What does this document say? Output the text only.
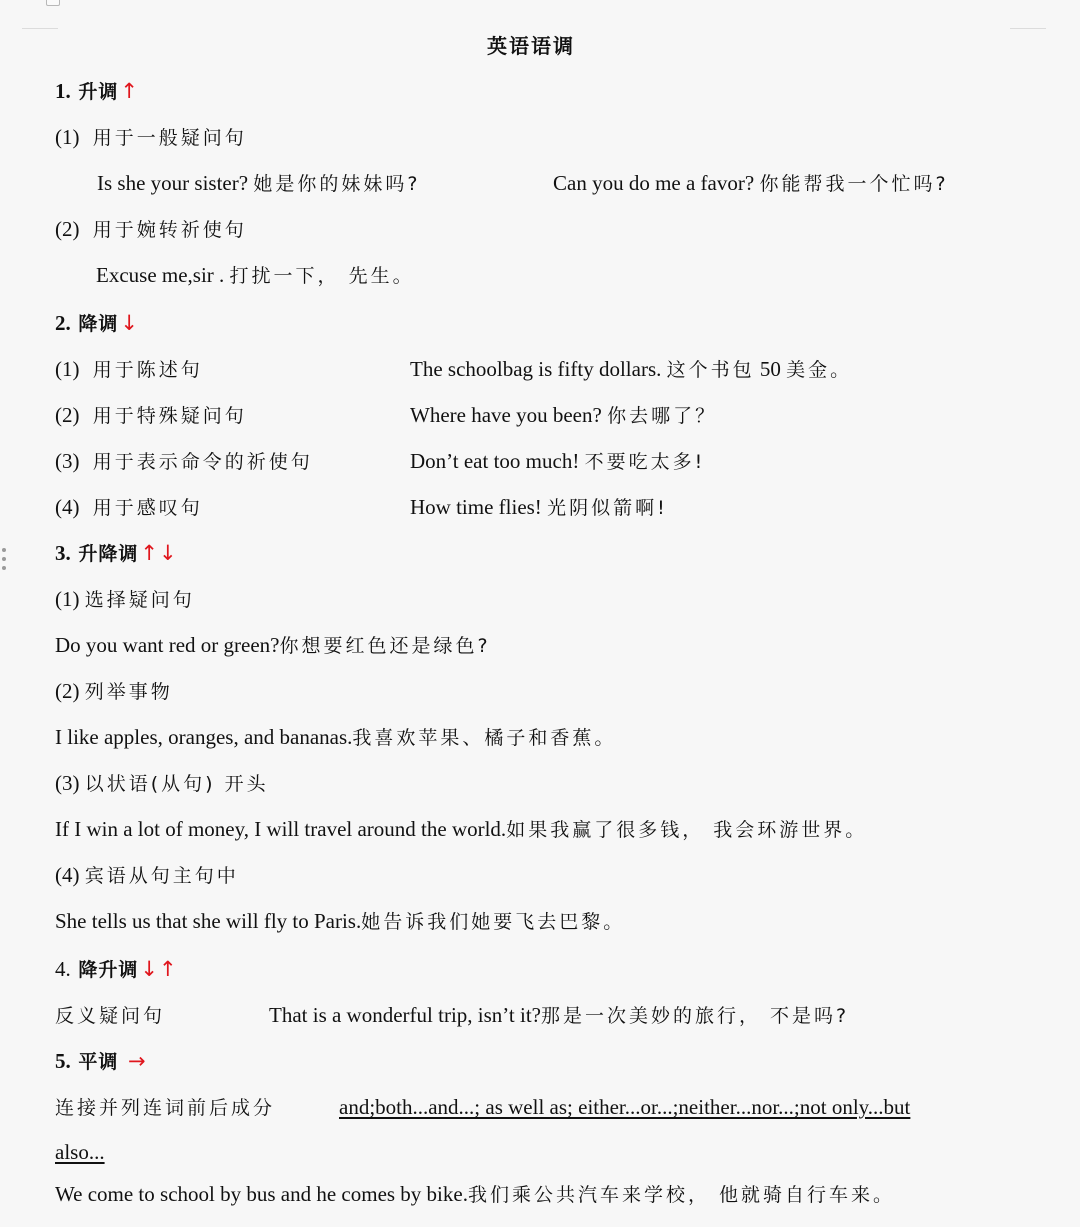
英语语调
1. 升调↑
(1) 用于一般疑问句
Is she your sister? 她是你的妹妹吗?	Can you do me a favor? 你能帮我一个忙吗?
(2) 用于婉转祈使句
Excuse me,sir . 打扰一下， 先生。
2. 降调↓
(1) 用于陈述句	The schoolbag is fifty dollars. 这个书包 50 美金。
(2) 用于特殊疑问句	Where have you been? 你去哪了？
(3) 用于表示命令的祈使句	Don’t eat too much! 不要吃太多!
(4) 用于感叹句	How time flies! 光阴似箭啊!
3. 升降调↑↓
(1) 选择疑问句
Do you want red or green?你想要红色还是绿色?
(2) 列举事物
I like apples, oranges, and bananas.我喜欢苹果、橘子和香蕉。
(3) 以状语(从句) 开头
If I win a lot of money, I will travel around the world.如果我赢了很多钱， 我会环游世界。
(4) 宾语从句主句中
She tells us that she will fly to Paris.她告诉我们她要飞去巴黎。
4. 降升调↓↑
反义疑问句	That is a wonderful trip, isn’t it?那是一次美妙的旅行， 不是吗?
5. 平调 →
连接并列连词前后成分	and;both...and...; as well as; either...or...;neither...nor...;not only...but
also...
We come to school by bus and he comes by bike.我们乘公共汽车来学校， 他就骑自行车来。
